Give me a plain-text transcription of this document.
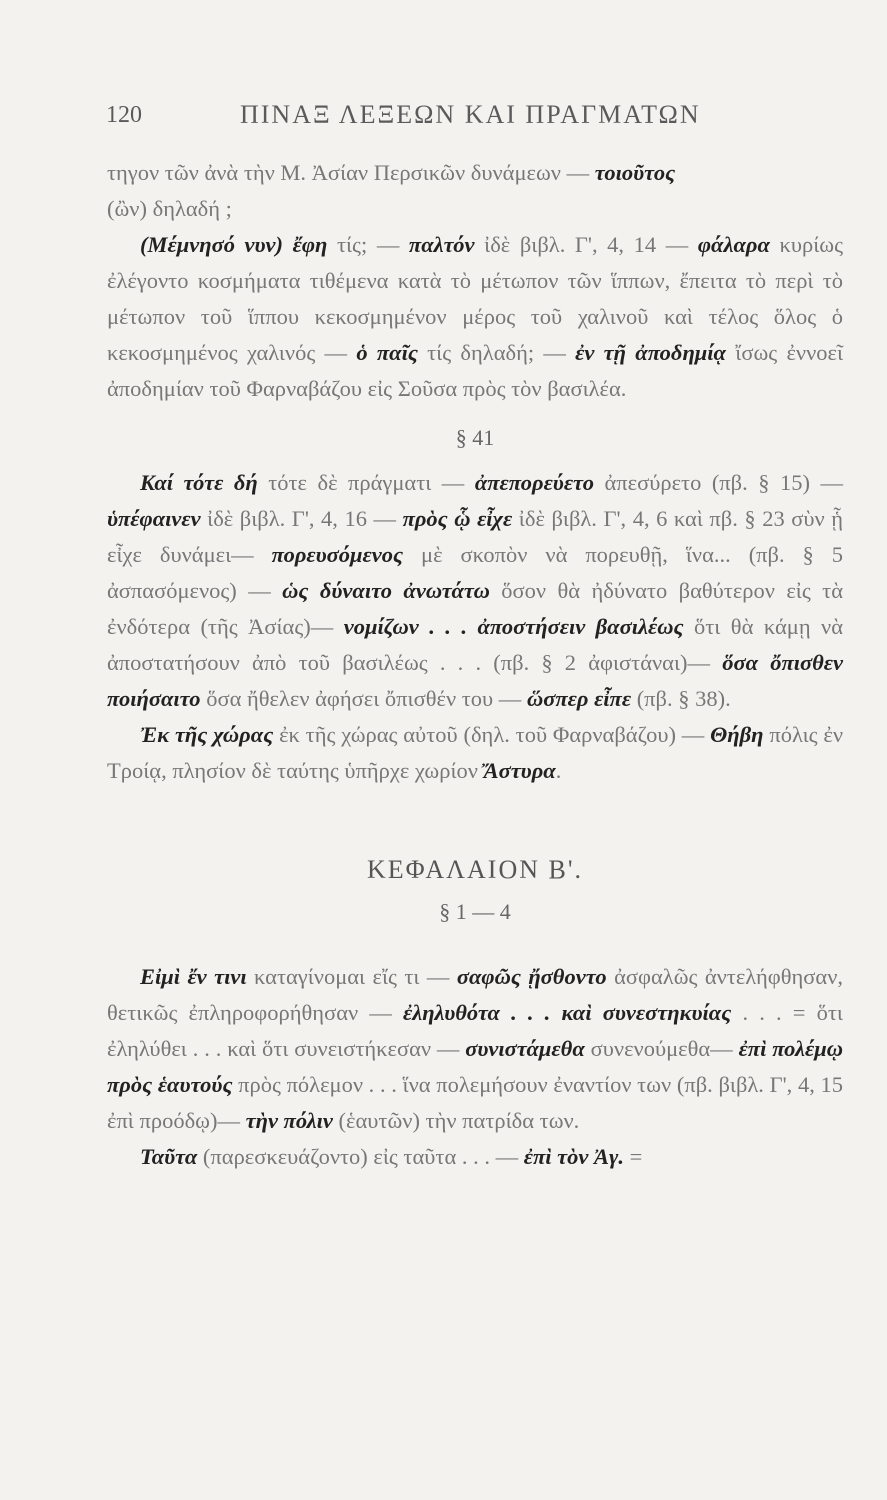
120	ΠΙΝΑΞ ΛΕΞΕΩΝ ΚΑΙ ΠΡΑΓΜΑΤΩΝ

τηγον τῶν ἀνὰ τὴν Μ. Ἀσίαν Περσικῶν δυνάμεων — τοιοῦτος
(ὢν) δηλαδή ;

(Μέμνησό νυν) ἔφη τίς; — παλτόν ἰδὲ βιβλ. Γ', 4, 14 — φάλαρα κυρίως ἐλέγοντο κοσμήματα τιθέμενα κατὰ τὸ μέτωπον τῶν ἵππων, ἔπειτα τὸ περὶ τὸ μέτωπον τοῦ ἵππου κεκοσμημένον μέρος τοῦ χαλινοῦ καὶ τέλος ὅλος ὁ κεκοσμημένος χαλινός — ὁ παῖς τίς δηλαδή; — ἐν τῇ ἀποδημίᾳ ἴσως ἐννοεῖ ἀποδημίαν τοῦ Φαρναβάζου εἰς Σοῦσα πρὸς τὸν βασιλέα.

§ 41

Καί τότε δή τότε δὲ πράγματι — ἀπεπορεύετο ἀπεσύρετο (πβ. § 15) — ὑπέφαινεν ἰδὲ βιβλ. Γ', 4, 16 — πρὸς ᾧ εἶχε ἰδὲ βιβλ. Γ', 4, 6 καὶ πβ. § 23 σὺν ᾗ εἶχε δυνάμει— πορευσόμενος μὲ σκοπὸν νὰ πορευθῇ, ἵνα... (πβ. § 5 ἀσπασόμενος) — ὡς δύναιτο ἀνωτάτω ὅσον θὰ ἠδύνατο βαθύτερον εἰς τὰ ἐνδότερα (τῆς Ἀσίας)— νομίζων . . . ἀποστήσειν βασιλέως ὅτι θὰ κάμῃ νὰ ἀποστατήσουν ἀπὸ τοῦ βασιλέως . . . (πβ. § 2 ἀφιστάναι)— ὅσα ὄπισθεν ποιήσαιτο ὅσα ἤθελεν ἀφήσει ὄπισθέν του — ὥσπερ εἶπε (πβ. § 38).

Ἐκ τῆς χώρας ἐκ τῆς χώρας αὐτοῦ (δηλ. τοῦ Φαρναβάζου) — Θήβη πόλις ἐν Τροίᾳ, πλησίον δὲ ταύτης ὑπῆρχε χωρίον Ἄστυρα.

ΚΕΦΑΛΑΙΟΝ Β'.

§ 1 — 4

Εἰμὶ ἔν τινι καταγίνομαι εἴς τι — σαφῶς ᾔσθοντο ἀσφαλῶς ἀντελήφθησαν, θετικῶς ἐπληροφορήθησαν — ἐληλυθότα . . . καὶ συνεστηκυίας . . . = ὅτι ἐληλύθει . . . καὶ ὅτι συνειστήκεσαν — συνιστάμεθα συνενούμεθα— ἐπὶ πολέμῳ πρὸς ἑαυτούς πρὸς πόλεμον . . . ἵνα πολεμήσουν ἐναντίον των (πβ. βιβλ. Γ', 4, 15 ἐπὶ προόδῳ)— τὴν πόλιν (ἑαυτῶν) τὴν πατρίδα των.

Ταῦτα (παρεσκευάζοντο) εἰς ταῦτα . . . — ἐπὶ τὸν Ἀγ. =
